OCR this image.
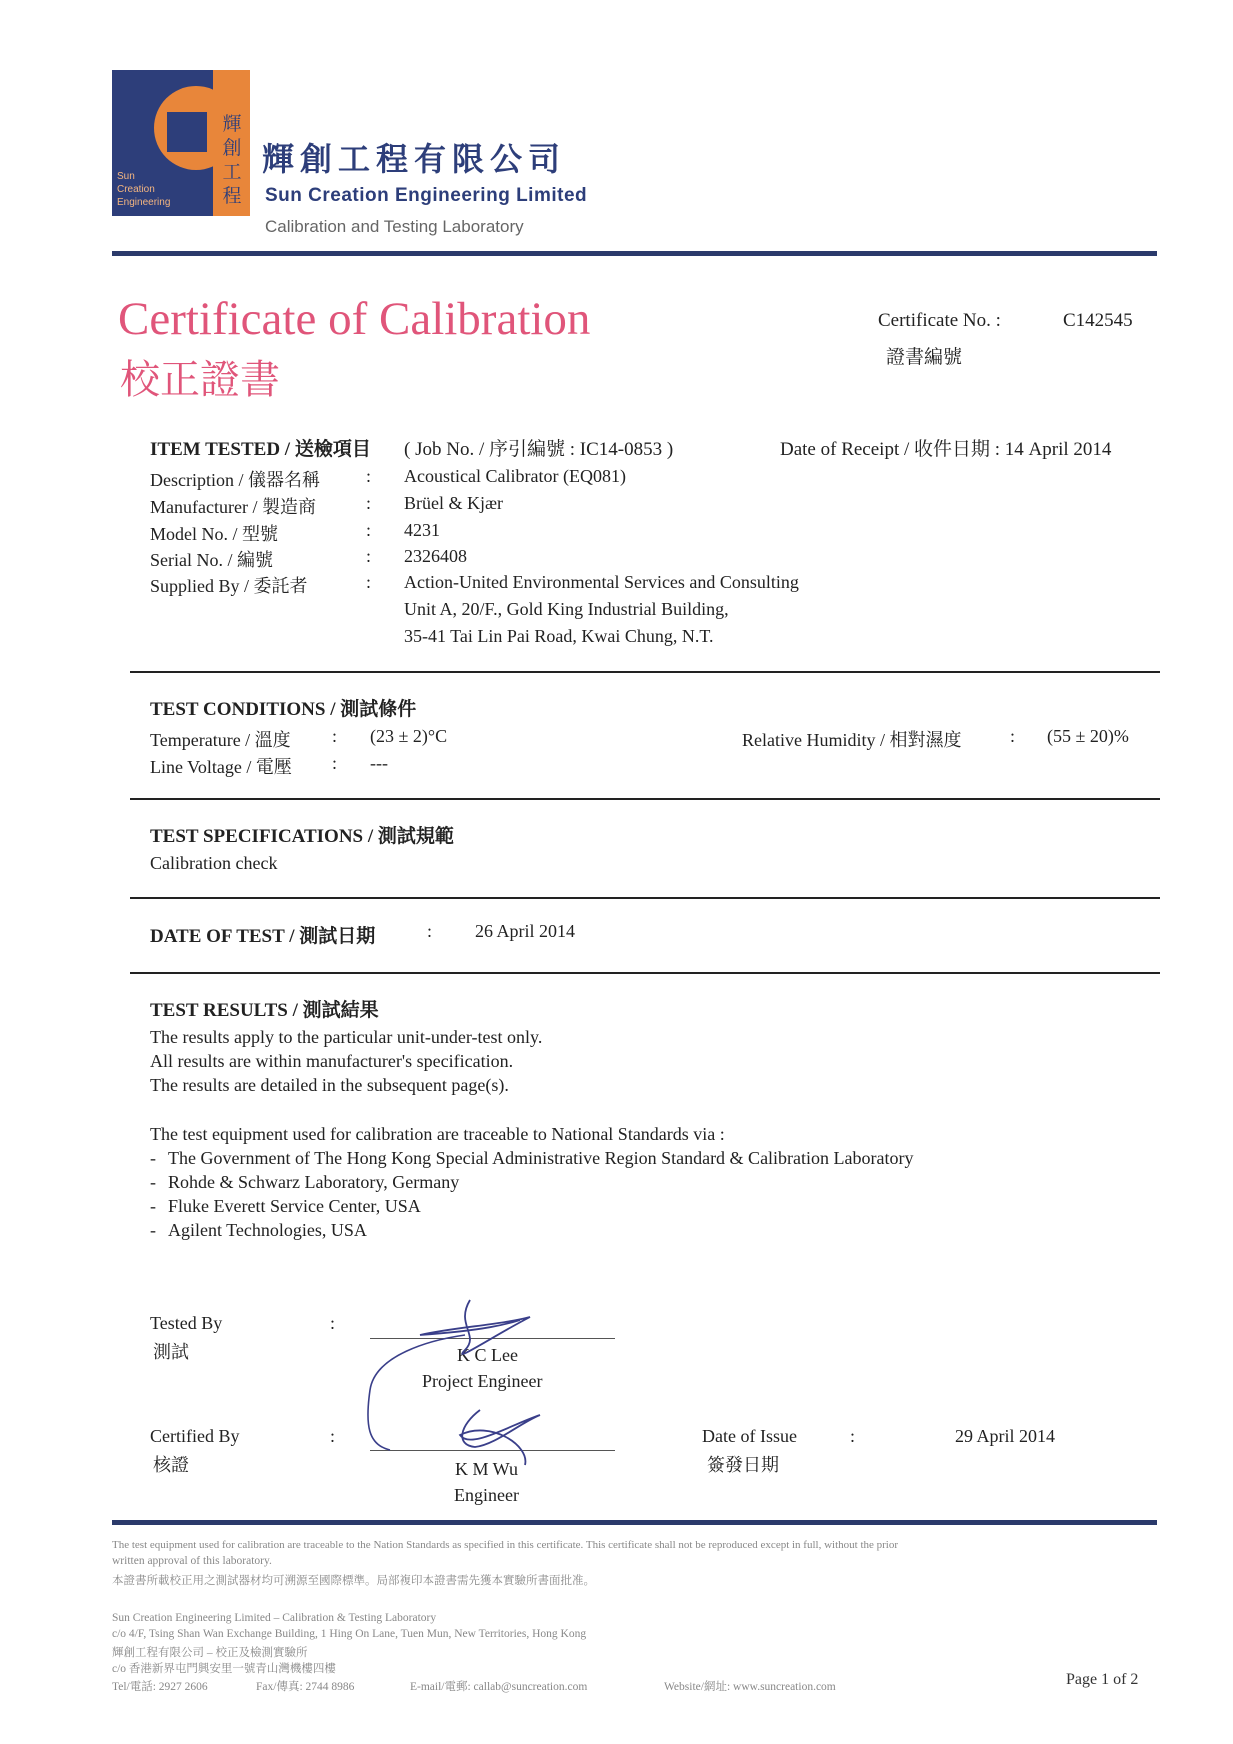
輝創工程
Sun
Creation
Engineering
輝創工程有限公司
Sun Creation Engineering Limited
Calibration and Testing Laboratory
Certificate of Calibration
校正證書
Certificate No. :	C142545
證書編號
ITEM TESTED / 送檢項目 ( Job No. / 序引編號 : IC14-0853 )	Date of Receipt / 收件日期 : 14 April 2014
Description / 儀器名稱	: Acoustical Calibrator (EQ081)
Manufacturer / 製造商	: Brüel & Kjær
Model No. / 型號	: 4231
Serial No. / 編號	: 2326408
Supplied By / 委託者	: Action-United Environmental Services and Consulting
Unit A, 20/F., Gold King Industrial Building,
35-41 Tai Lin Pai Road, Kwai Chung, N.T.
TEST CONDITIONS / 測試條件
Temperature / 溫度 : (23 ± 2)°C
Line Voltage / 電壓 : ---
Relative Humidity / 相對濕度	: (55 ± 20)%
TEST SPECIFICATIONS / 測試規範
Calibration check
DATE OF TEST / 測試日期	: 26 April 2014
TEST RESULTS / 測試結果
The results apply to the particular unit-under-test only.
All results are within manufacturer's specification.
The results are detailed in the subsequent page(s).
The test equipment used for calibration are traceable to National Standards via :
- The Government of The Hong Kong Special Administrative Region Standard & Calibration Laboratory
- Rohde & Schwarz Laboratory, Germany
- Fluke Everett Service Center, USA
- Agilent Technologies, USA
Tested By
測試
:
K C Lee
Project Engineer
Certified By
核證
:
K M Wu
Engineer
Date of Issue
簽發日期
:	29 April 2014
The test equipment used for calibration are traceable to the Nation Standards as specified in this certificate. This certificate shall not be reproduced except in full, without the prior
written approval of this laboratory.
本證書所載校正用之測試器材均可溯源至國際標準。局部複印本證書需先獲本實驗所書面批准。
Sun Creation Engineering Limited – Calibration & Testing Laboratory
c/o 4/F, Tsing Shan Wan Exchange Building, 1 Hing On Lane, Tuen Mun, New Territories, Hong Kong
輝創工程有限公司 – 校正及檢測實驗所
c/o 香港新界屯門興安里一號青山灣機樓四樓
Tel/電話: 2927 2606	Fax/傳真: 2744 8986	E-mail/電郵: callab@suncreation.com	Website/網址: www.suncreation.com	Page 1 of 2
